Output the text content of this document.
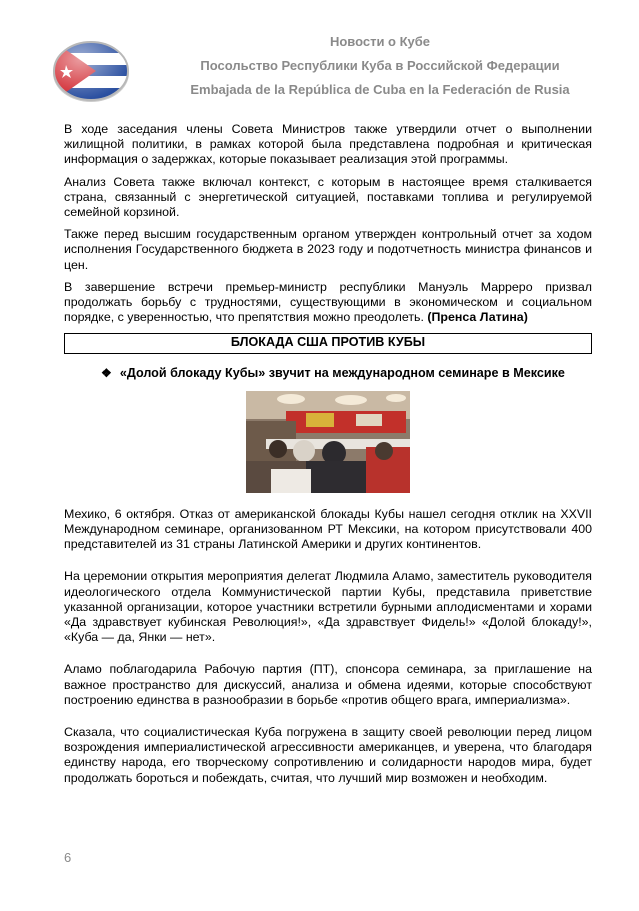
Новости о Кубе
Посольство Республики Куба в Российской Федерации
Embajada de la República de Cuba en la Federación de Rusia

В ходе заседания члены Совета Министров также утвердили отчет о выполнении жилищной политики, в рамках которой была представлена подробная и критическая информация о задержках, которые показывает реализация этой программы.

Анализ Совета также включал контекст, с которым в настоящее время сталкивается страна, связанный с энергетической ситуацией, поставками топлива и регулируемой семейной корзиной.

Также перед высшим государственным органом утвержден контрольный отчет за ходом исполнения Государственного бюджета в 2023 году и подотчетность министра финансов и цен.

В завершение встречи премьер-министр республики Мануэль Марреро призвал продолжать борьбу с трудностями, существующими в экономическом и социальном порядке, с уверенностью, что препятствия можно преодолеть. (Пренса Латина)

БЛОКАДА США ПРОТИВ КУБЫ
❖ «Долой блокаду Кубы» звучит на международном семинаре в Мексике

Мехико, 6 октября. Отказ от американской блокады Кубы нашел сегодня отклик на XXVII Международном семинаре, организованном РТ Мексики, на котором присутствовали 400 представителей из 31 страны Латинской Америки и других континентов.

На церемонии открытия мероприятия делегат Людмила Аламо, заместитель руководителя идеологического отдела Коммунистической партии Кубы, представила приветствие указанной организации, которое участники встретили бурными аплодисментами и хорами «Да здравствует кубинская Революция!», «Да здравствует Фидель!» «Долой блокаду!», «Куба — да, Янки — нет».

Аламо поблагодарила Рабочую партия (ПТ), спонсора семинара, за приглашение на важное пространство для дискуссий, анализа и обмена идеями, которые способствуют построению единства в разнообразии в борьбе «против общего врага, империализма».

Сказала, что социалистическая Куба погружена в защиту своей революции перед лицом возрождения империалистической агрессивности американцев, и уверена, что благодаря единству народа, его творческому сопротивлению и солидарности народов мира, будет продолжать бороться и побеждать, считая, что лучший мир возможен и необходим.

6
